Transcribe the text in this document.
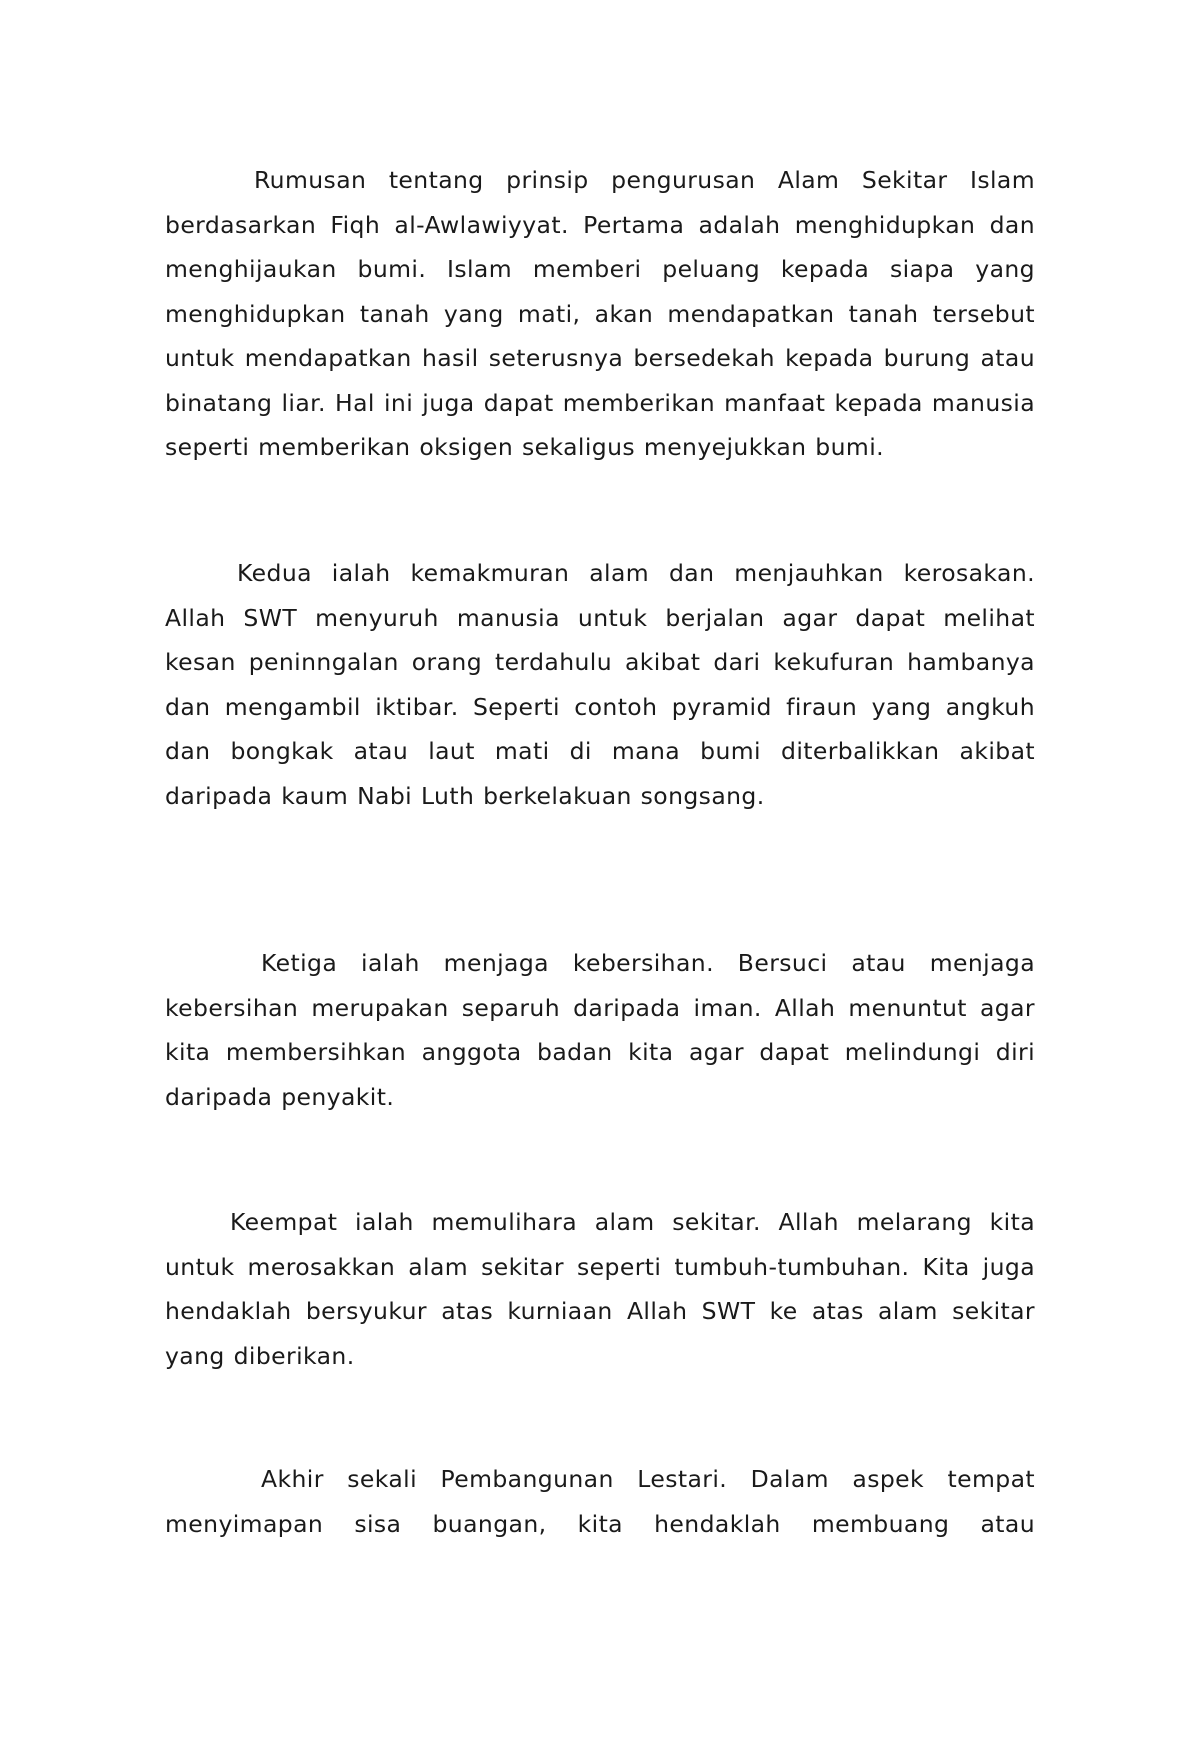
Rumusan tentang prinsip pengurusan Alam Sekitar Islam berdasarkan Fiqh al-Awlawiyyat. Pertama adalah menghidupkan dan menghijaukan bumi. Islam memberi peluang kepada siapa yang menghidupkan tanah yang mati, akan mendapatkan tanah tersebut untuk mendapatkan hasil seterusnya bersedekah kepada burung atau binatang liar. Hal ini juga dapat memberikan manfaat kepada manusia seperti memberikan oksigen sekaligus menyejukkan bumi.

Kedua ialah kemakmuran alam dan menjauhkan kerosakan. Allah SWT menyuruh manusia untuk berjalan agar dapat melihat kesan peninngalan orang terdahulu akibat dari kekufuran hambanya dan mengambil iktibar. Seperti contoh pyramid firaun yang angkuh dan bongkak atau laut mati di mana bumi diterbalikkan akibat daripada kaum Nabi Luth berkelakuan songsang.

Ketiga ialah menjaga kebersihan. Bersuci atau menjaga kebersihan merupakan separuh daripada iman. Allah menuntut agar kita membersihkan anggota badan kita agar dapat melindungi diri daripada penyakit.

Keempat ialah memulihara alam sekitar. Allah melarang kita untuk merosakkan alam sekitar seperti tumbuh-tumbuhan. Kita juga hendaklah bersyukur atas kurniaan Allah SWT ke atas alam sekitar yang diberikan.

Akhir sekali Pembangunan Lestari. Dalam aspek tempat menyimapan sisa buangan, kita hendaklah membuang atau
